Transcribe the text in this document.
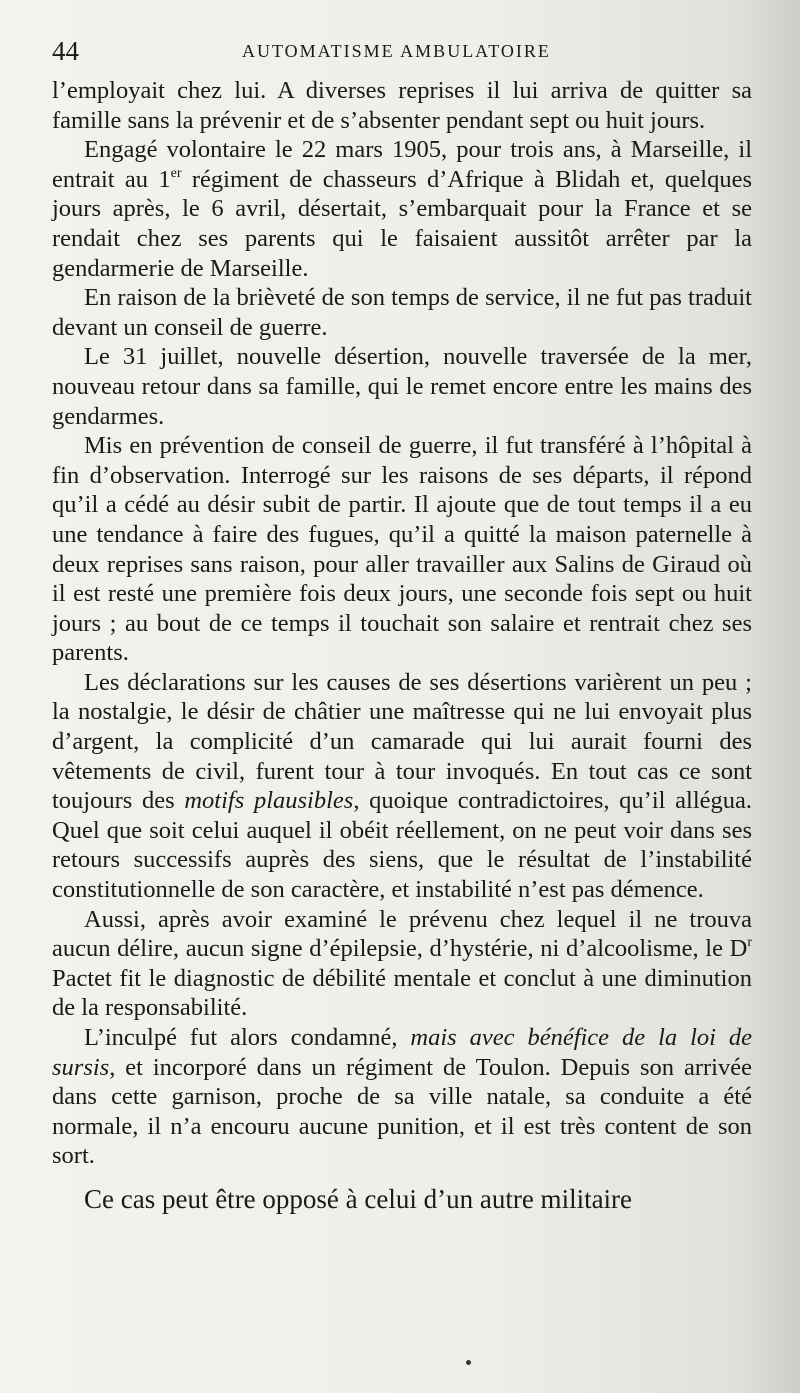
44	AUTOMATISME AMBULATOIRE

l’employait chez lui. A diverses reprises il lui arriva de quitter sa famille sans la prévenir et de s’absenter pendant sept ou huit jours.

Engagé volontaire le 22 mars 1905, pour trois ans, à Marseille, il entrait au 1er régiment de chasseurs d’Afrique à Blidah et, quelques jours après, le 6 avril, désertait, s’embarquait pour la France et se rendait chez ses parents qui le faisaient aussitôt arrêter par la gendarmerie de Marseille.

En raison de la brièveté de son temps de service, il ne fut pas traduit devant un conseil de guerre.

Le 31 juillet, nouvelle désertion, nouvelle traversée de la mer, nouveau retour dans sa famille, qui le remet encore entre les mains des gendarmes.

Mis en prévention de conseil de guerre, il fut transféré à l’hôpital à fin d’observation. Interrogé sur les raisons de ses départs, il répond qu’il a cédé au désir subit de partir. Il ajoute que de tout temps il a eu une tendance à faire des fugues, qu’il a quitté la maison paternelle à deux reprises sans raison, pour aller travailler aux Salins de Giraud où il est resté une première fois deux jours, une seconde fois sept ou huit jours ; au bout de ce temps il touchait son salaire et rentrait chez ses parents.

Les déclarations sur les causes de ses désertions varièrent un peu ; la nostalgie, le désir de châtier une maîtresse qui ne lui envoyait plus d’argent, la complicité d’un camarade qui lui aurait fourni des vêtements de civil, furent tour à tour invoqués. En tout cas ce sont toujours des motifs plausibles, quoique contradictoires, qu’il allégua. Quel que soit celui auquel il obéit réellement, on ne peut voir dans ses retours successifs auprès des siens, que le résultat de l’instabilité constitutionnelle de son caractère, et instabilité n’est pas démence.

Aussi, après avoir examiné le prévenu chez lequel il ne trouva aucun délire, aucun signe d’épilepsie, d’hystérie, ni d’alcoolisme, le $D^r$ Pactet fit le diagnostic de débilité mentale et conclut à une diminution de la responsabilité.

L’inculpé fut alors condamné, mais avec bénéfice de la loi de sursis, et incorporé dans un régiment de Toulon. Depuis son arrivée dans cette garnison, proche de sa ville natale, sa conduite a été normale, il n’a encouru aucune punition, et il est très content de son sort.

Ce cas peut être opposé à celui d’un autre militaire
